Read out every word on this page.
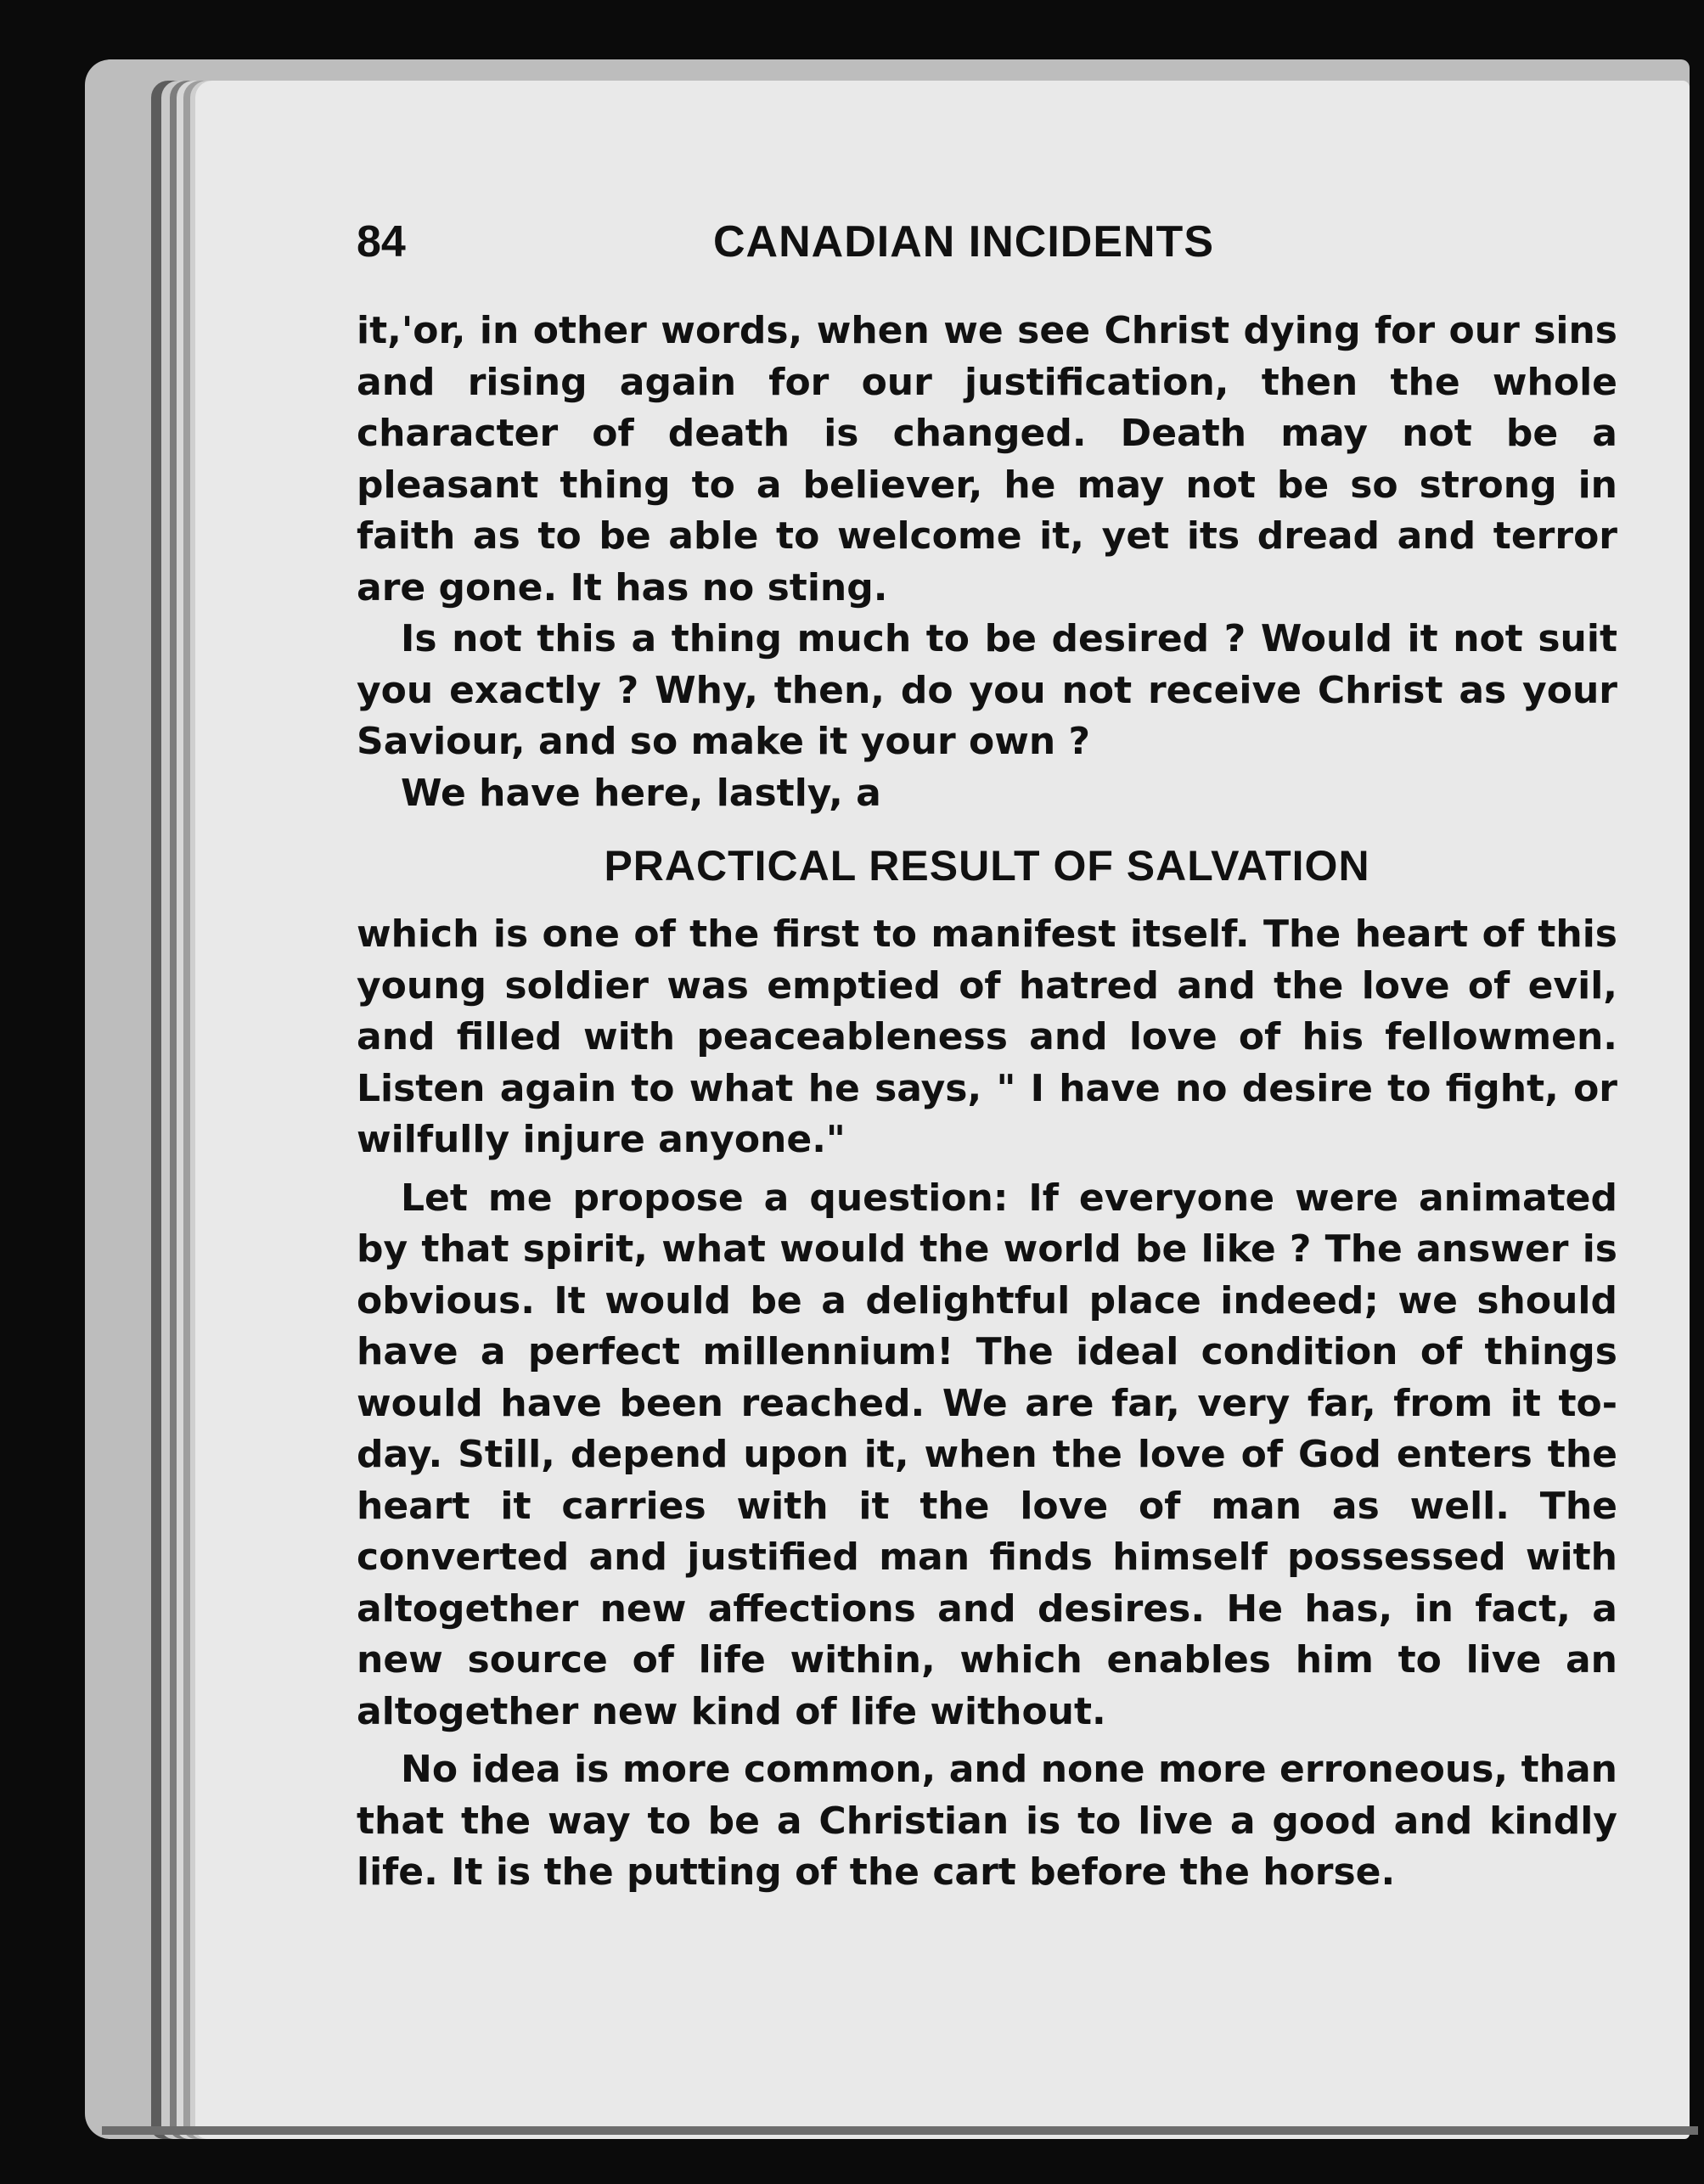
84	CANADIAN INCIDENTS

it,'or, in other words, when we see Christ dying for our sins and rising again for our justification, then the whole character of death is changed. Death may not be a pleasant thing to a believer, he may not be so strong in faith as to be able to welcome it, yet its dread and terror are gone. It has no sting.

Is not this a thing much to be desired ? Would it not suit you exactly ? Why, then, do you not receive Christ as your Saviour, and so make it your own ?

We have here, lastly, a

PRACTICAL RESULT OF SALVATION

which is one of the first to manifest itself. The heart of this young soldier was emptied of hatred and the love of evil, and filled with peaceableness and love of his fellowmen. Listen again to what he says, " I have no desire to fight, or wilfully injure anyone."

Let me propose a question: If everyone were animated by that spirit, what would the world be like ? The answer is obvious. It would be a delightful place indeed; we should have a perfect millennium! The ideal condition of things would have been reached. We are far, very far, from it to-day. Still, depend upon it, when the love of God enters the heart it carries with it the love of man as well. The converted and justified man finds himself possessed with altogether new affections and desires. He has, in fact, a new source of life within, which enables him to live an altogether new kind of life without.

No idea is more common, and none more erroneous, than that the way to be a Christian is to live a good and kindly life. It is the putting of the cart before the horse.
